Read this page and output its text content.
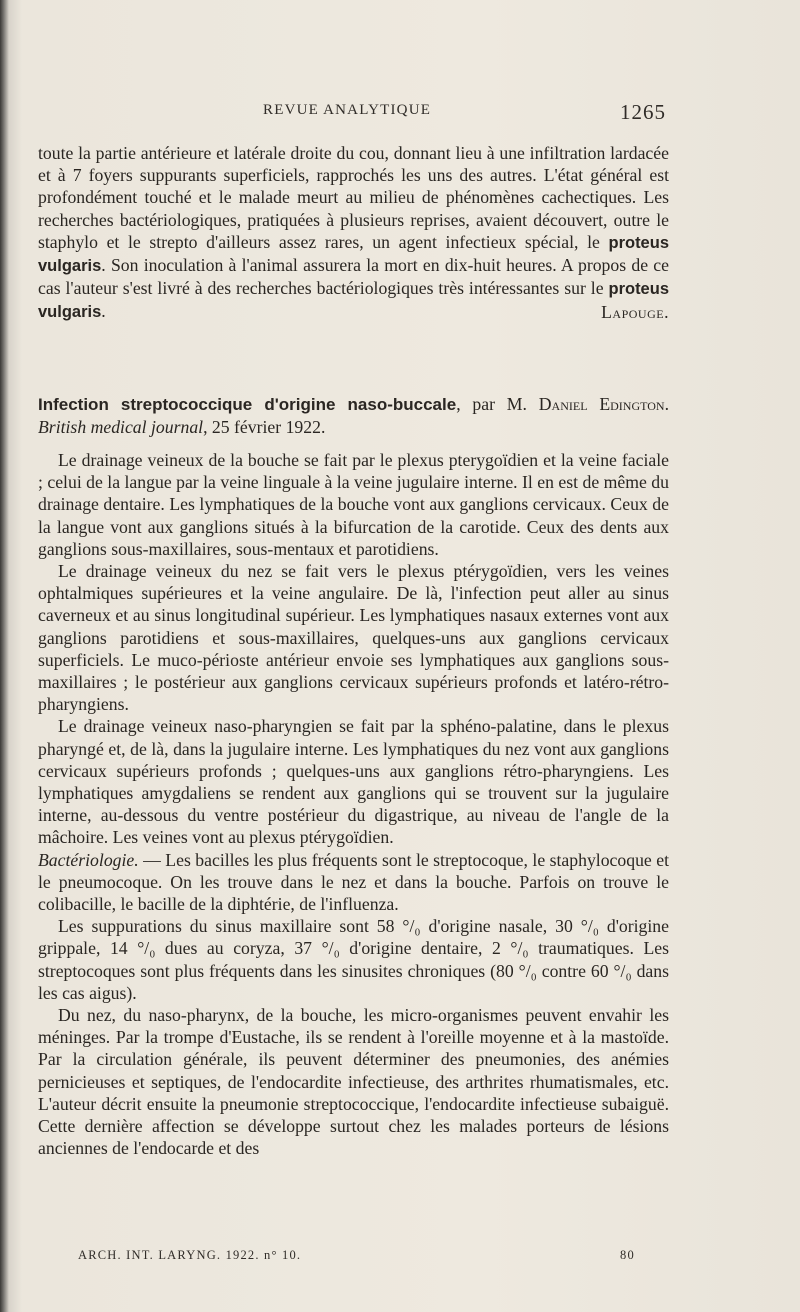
REVUE ANALYTIQUE	1265

toute la partie antérieure et latérale droite du cou, donnant lieu à une infiltration lardacée et à 7 foyers suppurants superficiels, rapprochés les uns des autres. L'état général est profondément touché et le malade meurt au milieu de phénomènes cachectiques. Les recherches bactériologiques, pratiquées à plusieurs reprises, avaient découvert, outre le staphylo et le strepto d'ailleurs assez rares, un agent infectieux spécial, le proteus vulgaris. Son inoculation à l'animal assurera la mort en dix-huit heures. A propos de ce cas l'auteur s'est livré à des recherches bactériologiques très intéressantes sur le proteus vulgaris.	Lapouge.

Infection streptococcique d'origine naso-buccale, par M. Daniel Edington. British medical journal, 25 février 1922.

Le drainage veineux de la bouche se fait par le plexus pterygoïdien et la veine faciale ; celui de la langue par la veine linguale à la veine jugulaire interne. Il en est de même du drainage dentaire. Les lymphatiques de la bouche vont aux ganglions cervicaux. Ceux de la langue vont aux ganglions situés à la bifurcation de la carotide. Ceux des dents aux ganglions sous-maxillaires, sous-mentaux et parotidiens.

Le drainage veineux du nez se fait vers le plexus ptérygoïdien, vers les veines ophtalmiques supérieures et la veine angulaire. De là, l'infection peut aller au sinus caverneux et au sinus longitudinal supérieur. Les lymphatiques nasaux externes vont aux ganglions parotidiens et sous-maxillaires, quelques-uns aux ganglions cervicaux superficiels. Le muco-périoste antérieur envoie ses lymphatiques aux ganglions sous-maxillaires ; le postérieur aux ganglions cervicaux supérieurs profonds et latéro-rétro-pharyngiens.

Le drainage veineux naso-pharyngien se fait par la sphéno-palatine, dans le plexus pharyngé et, de là, dans la jugulaire interne. Les lymphatiques du nez vont aux ganglions cervicaux supérieurs profonds ; quelques-uns aux ganglions rétro-pharyngiens. Les lymphatiques amygdaliens se rendent aux ganglions qui se trouvent sur la jugulaire interne, au-dessous du ventre postérieur du digastrique, au niveau de l'angle de la mâchoire. Les veines vont au plexus ptérygoïdien.

Bactériologie. — Les bacilles les plus fréquents sont le streptocoque, le staphylocoque et le pneumocoque. On les trouve dans le nez et dans la bouche. Parfois on trouve le colibacille, le bacille de la diphtérie, de l'influenza.

Les suppurations du sinus maxillaire sont 58 °/₀ d'origine nasale, 30 °/₀ d'origine grippale, 14 °/₀ dues au coryza, 37 °/₀ d'origine dentaire, 2 °/₀ traumatiques. Les streptocoques sont plus fréquents dans les sinusites chroniques (80 °/₀ contre 60 °/₀ dans les cas aigus).

Du nez, du naso-pharynx, de la bouche, les micro-organismes peuvent envahir les méninges. Par la trompe d'Eustache, ils se rendent à l'oreille moyenne et à la mastoïde. Par la circulation générale, ils peuvent déterminer des pneumonies, des anémies pernicieuses et septiques, de l'endocardite infectieuse, des arthrites rhumatismales, etc. L'auteur décrit ensuite la pneumonie streptococcique, l'endocardite infectieuse subaiguë. Cette dernière affection se développe surtout chez les malades porteurs de lésions anciennes de l'endocarde et des

ARCH. INT. LARYNG. 1922. n° 10.	80
